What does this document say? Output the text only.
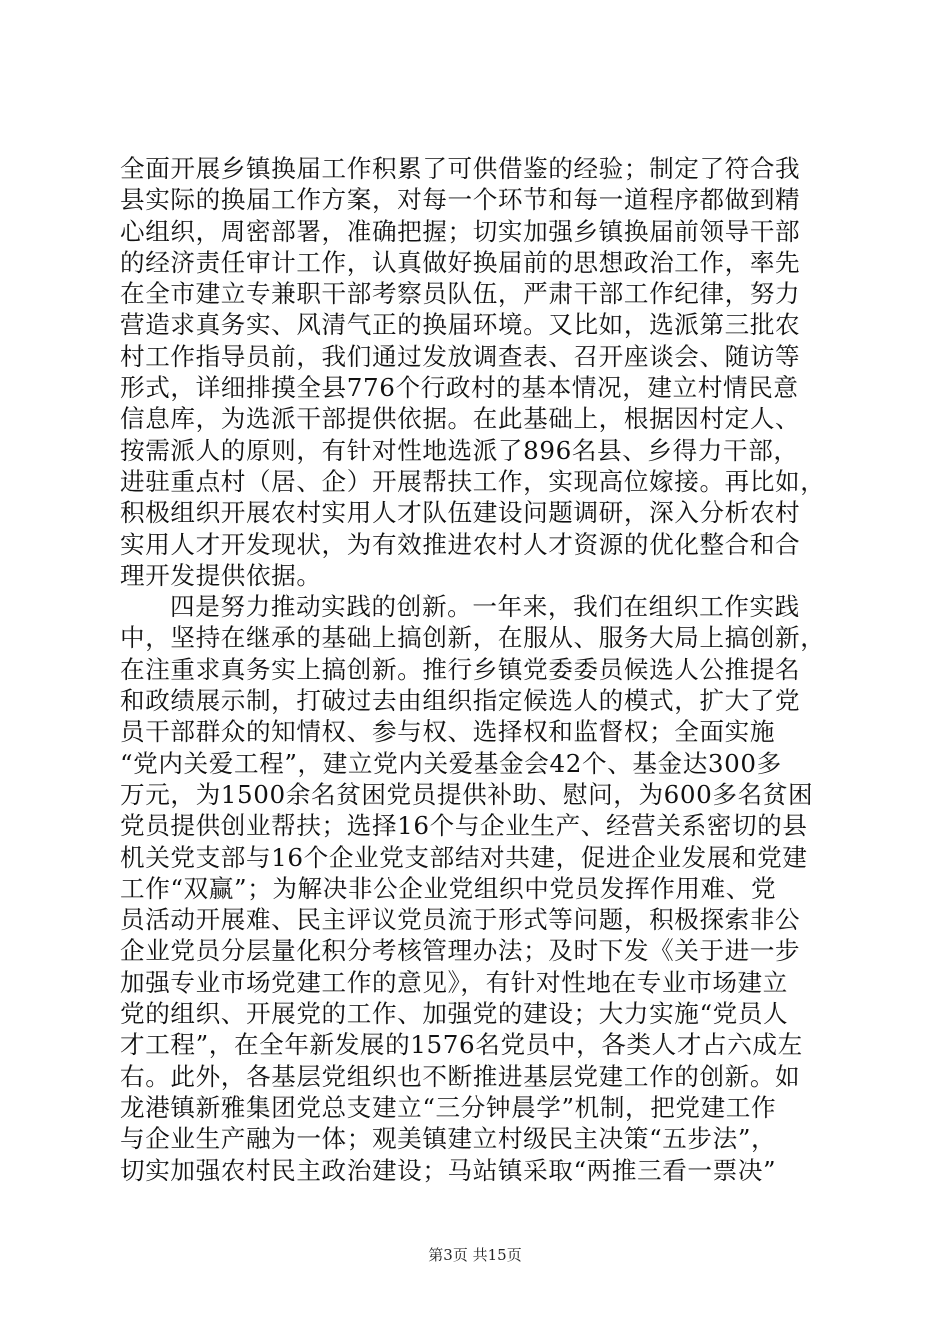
全面开展乡镇换届工作积累了可供借鉴的经验；制定了符合我
县实际的换届工作方案，对每一个环节和每一道程序都做到精
心组织，周密部署，准确把握；切实加强乡镇换届前领导干部
的经济责任审计工作，认真做好换届前的思想政治工作，率先
在全市建立专兼职干部考察员队伍，严肃干部工作纪律，努力
营造求真务实、风清气正的换届环境。又比如，选派第三批农
村工作指导员前，我们通过发放调查表、召开座谈会、随访等
形式，详细排摸全县776个行政村的基本情况，建立村情民意
信息库，为选派干部提供依据。在此基础上，根据因村定人、
按需派人的原则，有针对性地选派了896名县、乡得力干部，
进驻重点村（居、企）开展帮扶工作，实现高位嫁接。再比如，
积极组织开展农村实用人才队伍建设问题调研，深入分析农村
实用人才开发现状，为有效推进农村人才资源的优化整合和合
理开发提供依据。
四是努力推动实践的创新。一年来，我们在组织工作实践
中，坚持在继承的基础上搞创新，在服从、服务大局上搞创新，
在注重求真务实上搞创新。推行乡镇党委委员候选人公推提名
和政绩展示制，打破过去由组织指定候选人的模式，扩大了党
员干部群众的知情权、参与权、选择权和监督权；全面实施
“党内关爱工程”，建立党内关爱基金会42个、基金达300多
万元，为1500余名贫困党员提供补助、慰问，为600多名贫困
党员提供创业帮扶；选择16个与企业生产、经营关系密切的县
机关党支部与16个企业党支部结对共建，促进企业发展和党建
工作“双赢”；为解决非公企业党组织中党员发挥作用难、党
员活动开展难、民主评议党员流于形式等问题，积极探索非公
企业党员分层量化积分考核管理办法；及时下发《关于进一步
加强专业市场党建工作的意见》，有针对性地在专业市场建立
党的组织、开展党的工作、加强党的建设；大力实施“党员人
才工程”，在全年新发展的1576名党员中，各类人才占六成左
右。此外，各基层党组织也不断推进基层党建工作的创新。如
龙港镇新雅集团党总支建立“三分钟晨学”机制，把党建工作
与企业生产融为一体；观美镇建立村级民主决策“五步法”，
切实加强农村民主政治建设；马站镇采取“两推三看一票决”
第3页 共15页
